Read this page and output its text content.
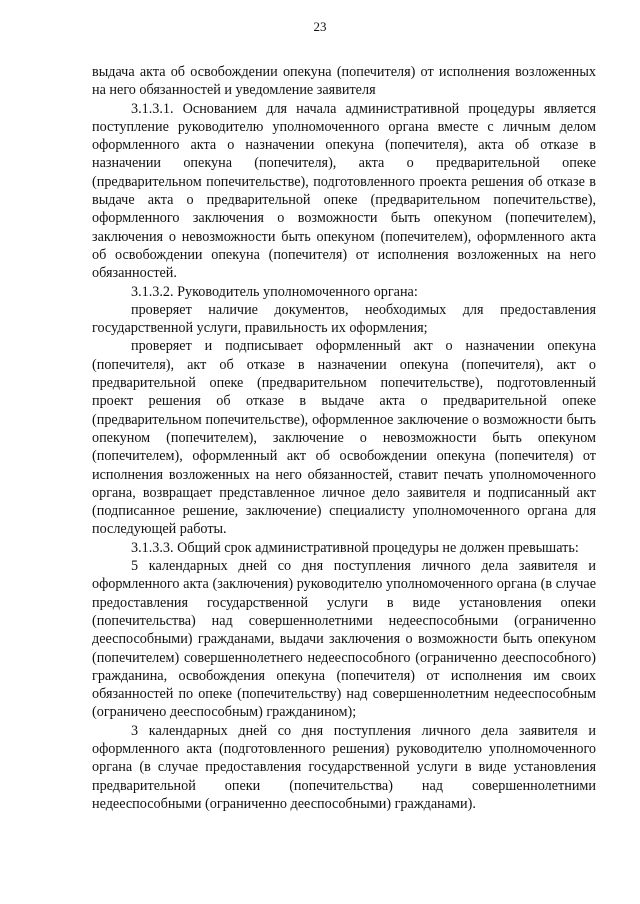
23

выдача акта об освобождении опекуна (попечителя) от исполнения возложенных на него обязанностей и уведомление заявителя

3.1.3.1. Основанием для начала административной процедуры является поступление руководителю уполномоченного органа вместе с личным делом оформленного акта о назначении опекуна (попечителя), акта об отказе в назначении опекуна (попечителя), акта о предварительной опеке (предварительном попечительстве), подготовленного проекта решения об отказе в выдаче акта о предварительной опеке (предварительном попечительстве), оформленного заключения о возможности быть опекуном (попечителем), заключения о невозможности быть опекуном (попечителем), оформленного акта об освобождении опекуна (попечителя) от исполнения возложенных на него обязанностей.

3.1.3.2. Руководитель уполномоченного органа:

проверяет наличие документов, необходимых для предоставления государственной услуги, правильность их оформления;

проверяет и подписывает оформленный акт о назначении опекуна (попечителя), акт об отказе в назначении опекуна (попечителя), акт о предварительной опеке (предварительном попечительстве), подготовленный проект решения об отказе в выдаче акта о предварительной опеке (предварительном попечительстве), оформленное заключение о возможности быть опекуном (попечителем), заключение о невозможности быть опекуном (попечителем), оформленный акт об освобождении опекуна (попечителя) от исполнения возложенных на него обязанностей, ставит печать уполномоченного органа, возвращает представленное личное дело заявителя и подписанный акт (подписанное решение, заключение) специалисту уполномоченного органа для последующей работы.

3.1.3.3. Общий срок административной процедуры не должен превышать:

5 календарных дней со дня поступления личного дела заявителя и оформленного акта (заключения) руководителю уполномоченного органа (в случае предоставления государственной услуги в виде установления опеки (попечительства) над совершеннолетними недееспособными (ограниченно дееспособными) гражданами, выдачи заключения о возможности быть опекуном (попечителем) совершеннолетнего недееспособного (ограниченно дееспособного) гражданина, освобождения опекуна (попечителя) от исполнения им своих обязанностей по опеке (попечительству) над совершеннолетним недееспособным (ограничено дееспособным) гражданином);

3 календарных дней со дня поступления личного дела заявителя и оформленного акта (подготовленного решения) руководителю уполномоченного органа (в случае предоставления государственной услуги в виде установления предварительной опеки (попечительства) над совершеннолетними недееспособными (ограниченно дееспособными) гражданами).
